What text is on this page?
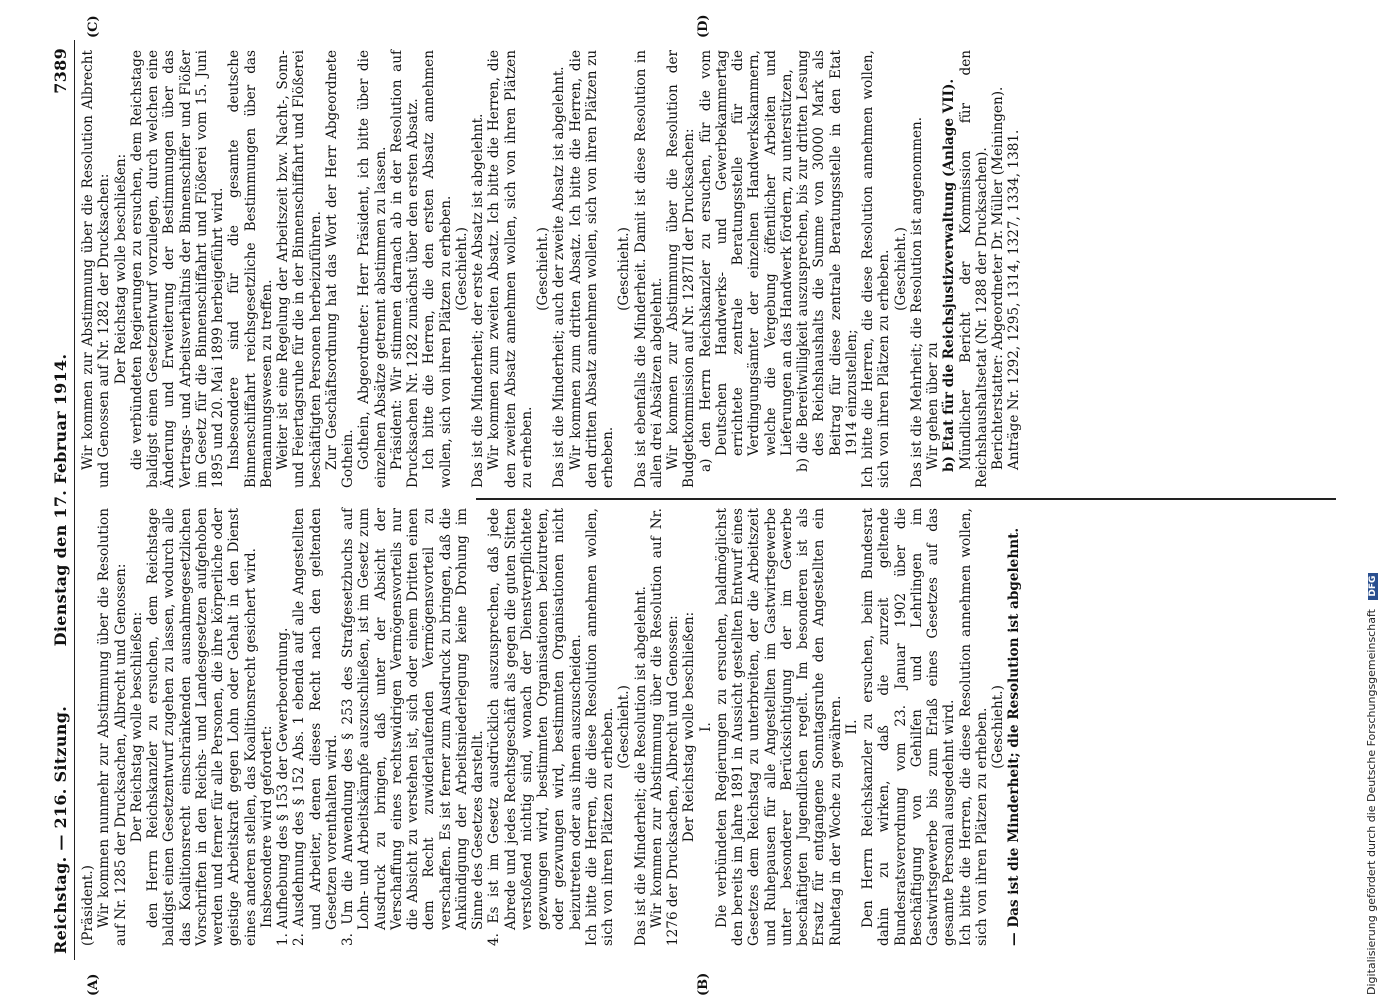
Reichstag. — 216. Sitzung.
Dienstag den 17. Februar 1914.
7389
(A)	(B)
(C)	(D)

(Präsident.) Wir kommen nunmehr zur Abstimmung über die Resolution auf Nr. 1285 der Drucksachen, Albrecht und Genossen: Der Reichstag wolle beschließen: den Herrn Reichskanzler zu ersuchen, dem Reichstage baldigst einen Gesetzentwurf zugehen zu lassen, wodurch alle das Koalitionsrecht einschränkenden ausnahmegesetzlichen Vorschriften in den Reichs- und Landesgesetzen aufgehoben werden und ferner für alle Personen, die ihre körperliche oder geistige Arbeitskraft gegen Lohn oder Gehalt in den Dienst eines anderen stellen, das Koalitionsrecht gesichert wird. Insbesondere wird gefordert: 1. Aufhebung des § 153 der Gewerbeordnung. 2. Ausdehnung des § 152 Abs. 1 ebenda auf alle Angestellten und Arbeiter, denen dieses Recht nach den geltenden Gesetzen vorenthalten wird. 3. Um die Anwendung des § 253 des Strafgesetzbuchs auf Lohn- und Arbeitskämpfe auszuschließen, ist im Gesetz zum Ausdruck zu bringen, daß unter der Absicht der Verschaffung eines rechtswidrigen Vermögensvorteils nur die Absicht zu verstehen ist, sich oder einem Dritten einen dem Recht zuwiderlaufenden Vermögensvorteil zu verschaffen. Es ist ferner zum Ausdruck zu bringen, daß die Ankündigung der Arbeitsniederlegung keine Drohung im Sinne des Gesetzes darstellt. 4. Es ist im Gesetz ausdrücklich auszusprechen, daß jede Abrede und jedes Rechtsgeschäft als gegen die guten Sitten verstoßend nichtig sind, wonach der Dienstverpflichtete gezwungen wird, bestimmten Organisationen beizutreten, oder gezwungen wird, bestimmten Organisationen nicht beizutreten oder aus ihnen auszuscheiden. Ich bitte die Herren, die diese Resolution annehmen wollen, sich von ihren Plätzen zu erheben. (Geschieht.) Das ist die Minderheit; die Resolution ist abgelehnt. Wir kommen zur Abstimmung über die Resolution auf Nr. 1276 der Drucksachen, Albrecht und Genossen: Der Reichstag wolle beschließen: I. Die verbündeten Regierungen zu ersuchen, baldmöglichst den bereits im Jahre 1891 in Aussicht gestellten Entwurf eines Gesetzes dem Reichstag zu unterbreiten, der die Arbeitszeit und Ruhepausen für alle Angestellten im Gastwirtsgewerbe unter besonderer Berücksichtigung der im Gewerbe beschäftigten Jugendlichen regelt. Im besonderen ist als Ersatz für entgangene Sonntagsruhe den Angestellten ein Ruhetag in der Woche zu gewähren. II. Den Herrn Reichskanzler zu ersuchen, beim Bundesrat dahin zu wirken, daß die zurzeit geltende Bundesratsverordnung vom 23. Januar 1902 über die Beschäftigung von Gehilfen und Lehrlingen im Gastwirtsgewerbe bis zum Erlaß eines Gesetzes auf das gesamte Personal ausgedehnt wird. Ich bitte die Herren, die diese Resolution annehmen wollen, sich von ihren Plätzen zu erheben. (Geschieht.) — Das ist die Minderheit; die Resolution ist abgelehnt.

Wir kommen zur Abstimmung über die Resolution Albrecht und Genossen auf Nr. 1282 der Drucksachen: Der Reichstag wolle beschließen: die verbündeten Regierungen zu ersuchen, dem Reichstage baldigst einen Gesetzentwurf vorzulegen, durch welchen eine Änderung und Erweiterung der Bestimmungen über das Vertrags- und Arbeitsverhältnis der Binnenschiffer und Flößer im Gesetz für die Binnenschiffahrt und Flößerei vom 15. Juni 1895 und 20. Mai 1899 herbeigeführt wird. Insbesondere sind für die gesamte deutsche Binnenschiffahrt reichsgesetzliche Bestimmungen über das Bemannungswesen zu treffen. Weiter ist eine Regelung der Arbeitszeit bzw. Nacht-, Sonn- und Feiertagsruhe für die in der Binnenschiffahrt und Flößerei beschäftigten Personen herbeizuführen. Zur Geschäftsordnung hat das Wort der Herr Abgeordnete Gothein. Gothein, Abgeordneter: Herr Präsident, ich bitte über die einzelnen Absätze getrennt abstimmen zu lassen. Präsident: Wir stimmen darnach ab in der Resolution auf Drucksachen Nr. 1282 zunächst über den ersten Absatz. Ich bitte die Herren, die den ersten Absatz annehmen wollen, sich von ihren Plätzen zu erheben. (Geschieht.) Das ist die Minderheit; der erste Absatz ist abgelehnt. Wir kommen zum zweiten Absatz. Ich bitte die Herren, die den zweiten Absatz annehmen wollen, sich von ihren Plätzen zu erheben.

(Geschieht.) Das ist die Minderheit; auch der zweite Absatz ist abgelehnt. Wir kommen zum dritten Absatz. Ich bitte die Herren, die den dritten Absatz annehmen wollen, sich von ihren Plätzen zu erheben.

(Geschieht.) Das ist ebenfalls die Minderheit. Damit ist diese Resolution in allen drei Absätzen abgelehnt. Wir kommen zur Abstimmung über die Resolution der Budgetkommission auf Nr. 1287II der Drucksachen: a) den Herrn Reichskanzler zu ersuchen, für die vom Deutschen Handwerks- und Gewerbekammertag errichtete zentrale Beratungsstelle für die Verdingungsämter der einzelnen Handwerkskammern, welche die Vergebung öffentlicher Arbeiten und Lieferungen an das Handwerk fördern, zu unterstützen, b) die Bereitwilligkeit auszusprechen, bis zur dritten Lesung des Reichshaushalts die Summe von 30000 Mark als Beitrag für diese zentrale Beratungsstelle in den Etat 1914 einzustellen; Ich bitte die Herren, die diese Resolution annehmen wollen, sich von ihren Plätzen zu erheben. (Geschieht.) Das ist die Mehrheit; die Resolution ist angenommen. Wir gehen über zu b) Etat für die Reichsjustizverwaltung (Anlage VII). Mündlicher Bericht der Kommission für den Reichshaushaltsetat (Nr. 1288 der Drucksachen). Berichterstatter: Abgeordneter Dr. Müller (Meiningen). Anträge Nr. 1292, 1295, 1314, 1327, 1334, 1381.

Digitalisierung gefördert durch die Deutsche Forschungsgemeinschaft DFG
